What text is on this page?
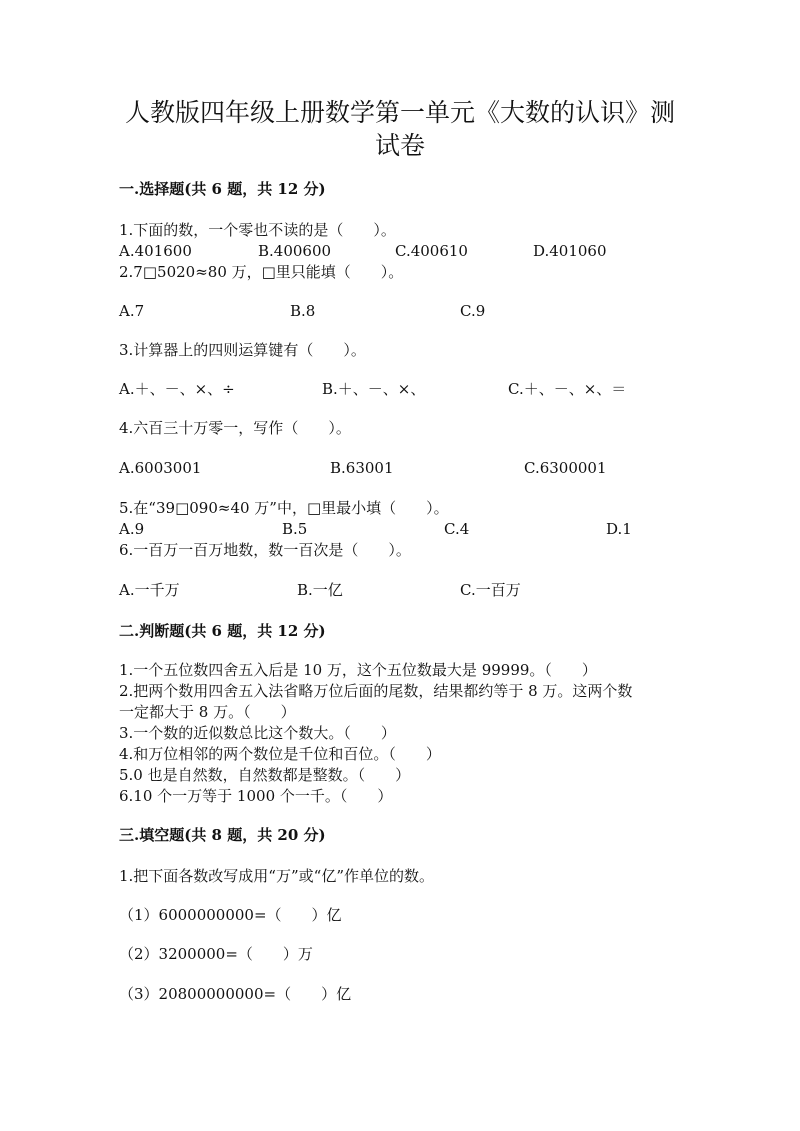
人教版四年级上册数学第一单元《大数的认识》测
试卷
一.选择题(共 6 题，共 12 分)
1.下面的数，一个零也不读的是（　　）。
A.401600	B.400600	C.400610	D.401060
2.7□5020≈80 万，□里只能填（　　）。
A.7	B.8	C.9
3.计算器上的四则运算键有（　　）。
A.＋、－、×、÷	B.＋、－、×、	C.＋、－、×、＝
4.六百三十万零一，写作（　　）。
A.6003001	B.63001	C.6300001
5.在“39□090≈40 万”中，□里最小填（　　）。
A.9	B.5	C.4	D.1
6.一百万一百万地数，数一百次是（　　）。
A.一千万	B.一亿	C.一百万
二.判断题(共 6 题，共 12 分)
1.一个五位数四舍五入后是 10 万，这个五位数最大是 99999。（　　）
2.把两个数用四舍五入法省略万位后面的尾数，结果都约等于 8 万。这两个数
一定都大于 8 万。（　　）
3.一个数的近似数总比这个数大。（　　）
4.和万位相邻的两个数位是千位和百位。（　　）
5.0 也是自然数，自然数都是整数。（　　）
6.10 个一万等于 1000 个一千。（　　）
三.填空题(共 8 题，共 20 分)
1.把下面各数改写成用“万”或“亿”作单位的数。
（1）6000000000=（　　）亿
（2）3200000=（　　）万
（3）20800000000=（　　）亿
